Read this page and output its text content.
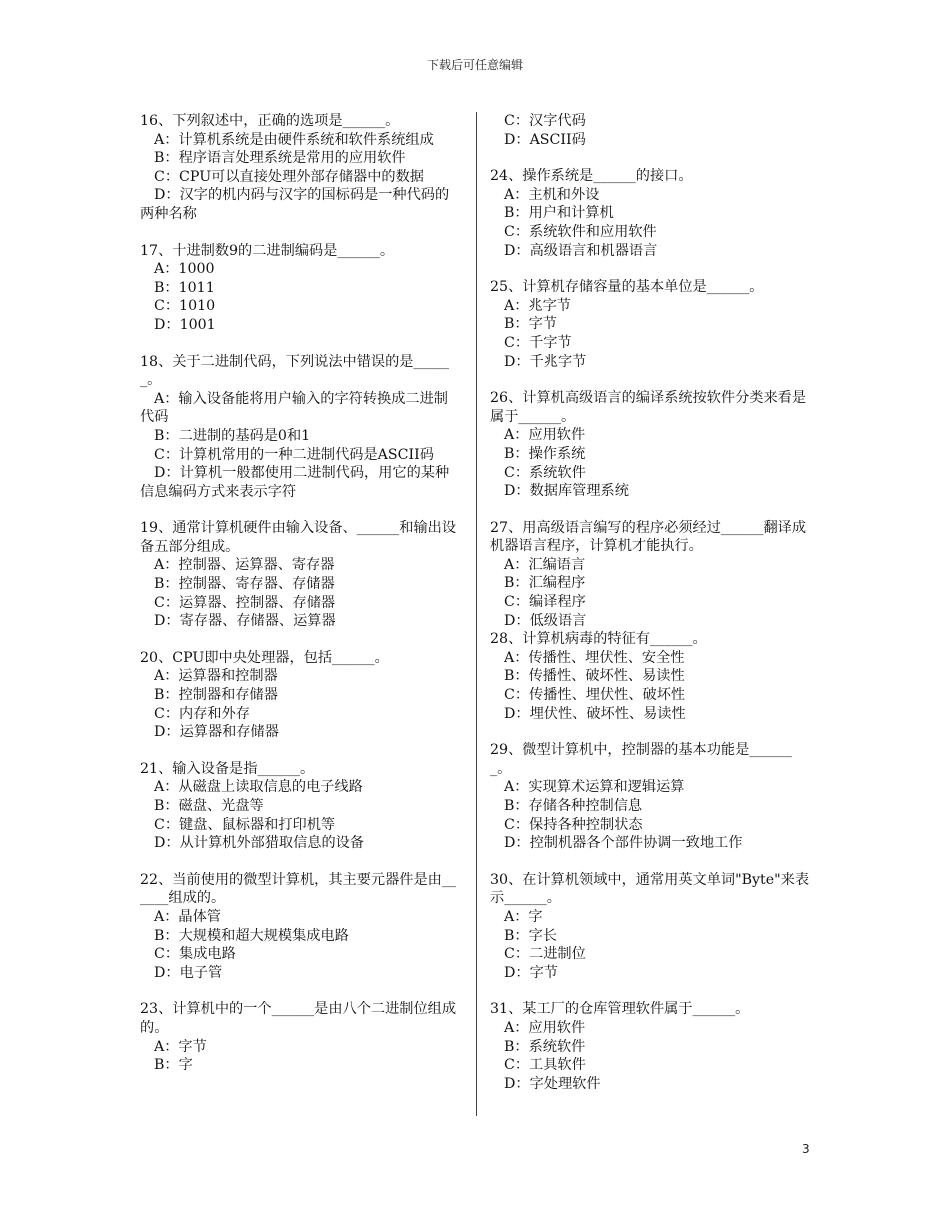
下载后可任意编辑

16、下列叙述中，正确的选项是______。

A：计算机系统是由硬件系统和软件系统组成

B：程序语言处理系统是常用的应用软件

C：CPU可以直接处理外部存储器中的数据

D：汉字的机内码与汉字的国标码是一种代码的两种名称

17、十进制数9的二进制编码是______。

A：1000

B：1011

C：1010

D：1001

18、关于二进制代码，下列说法中错误的是______。

A：输入设备能将用户输入的字符转换成二进制代码

B：二进制的基码是0和1

C：计算机常用的一种二进制代码是ASCII码

D：计算机一般都使用二进制代码，用它的某种信息编码方式来表示字符

19、通常计算机硬件由输入设备、______和输出设备五部分组成。

A：控制器、运算器、寄存器

B：控制器、寄存器、存储器

C：运算器、控制器、存储器

D：寄存器、存储器、运算器

20、CPU即中央处理器，包括______。

A：运算器和控制器

B：控制器和存储器

C：内存和外存

D：运算器和存储器

21、输入设备是指______。

A：从磁盘上读取信息的电子线路

B：磁盘、光盘等

C：键盘、鼠标器和打印机等

D：从计算机外部猎取信息的设备

22、当前使用的微型计算机，其主要元器件是由______组成的。

A：晶体管

B：大规模和超大规模集成电路

C：集成电路

D：电子管

23、计算机中的一个______是由八个二进制位组成的。

A：字节

B：字

C：汉字代码

D：ASCII码

24、操作系统是______的接口。

A：主机和外设

B：用户和计算机

C：系统软件和应用软件

D：高级语言和机器语言

25、计算机存储容量的基本单位是______。

A：兆字节

B：字节

C：千字节

D：千兆字节

26、计算机高级语言的编译系统按软件分类来看是属于______。

A：应用软件

B：操作系统

C：系统软件

D：数据库管理系统

27、用高级语言编写的程序必须经过______翻译成机器语言程序，计算机才能执行。

A：汇编语言

B：汇编程序

C：编译程序

D：低级语言

28、计算机病毒的特征有______。

A：传播性、埋伏性、安全性

B：传播性、破坏性、易读性

C：传播性、埋伏性、破坏性

D：埋伏性、破坏性、易读性

29、微型计算机中，控制器的基本功能是_______。

A：实现算术运算和逻辑运算

B：存储各种控制信息

C：保持各种控制状态

D：控制机器各个部件协调一致地工作

30、在计算机领域中，通常用英文单词"Byte"来表示______。

A：字

B：字长

C：二进制位

D：字节

31、某工厂的仓库管理软件属于______。

A：应用软件

B：系统软件

C：工具软件

D：字处理软件

3
